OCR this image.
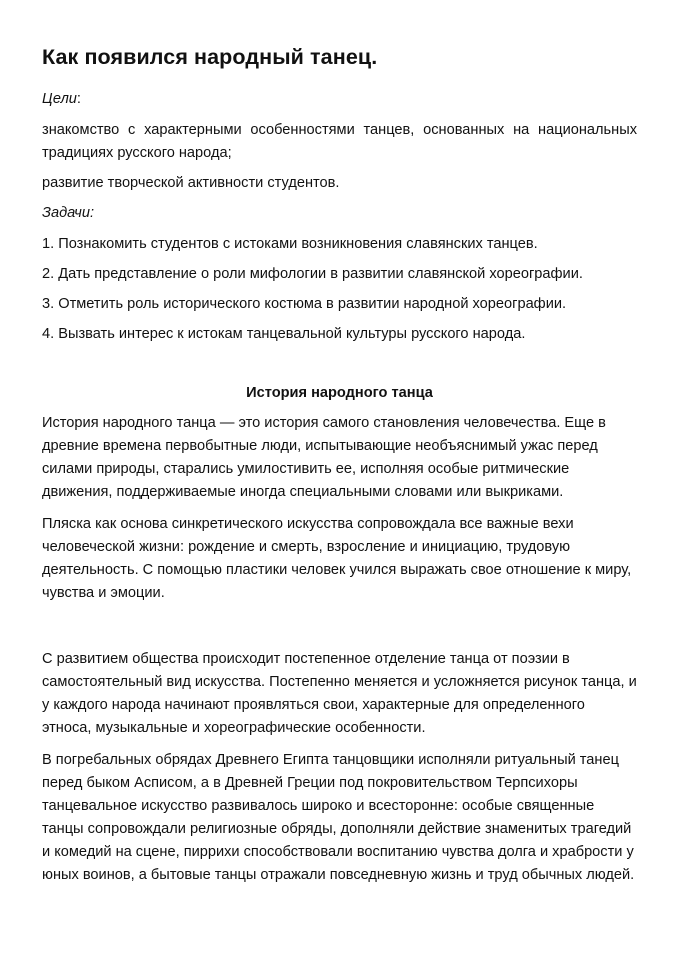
Как появился народный танец.
Цели:

знакомство с характерными особенностями танцев, основанных на национальных традициях русского народа;

развитие творческой активности студентов.

Задачи:

1. Познакомить студентов с истоками возникновения славянских танцев.

2. Дать представление о роли мифологии в развитии славянской хореографии.

3. Отметить роль исторического костюма в развитии народной хореографии.

4. Вызвать интерес к истокам танцевальной культуры русского народа.

История народного танца

История народного танца — это история самого становления человечества. Еще в древние времена первобытные люди, испытывающие необъяснимый ужас перед силами природы, старались умилостивить ее, исполняя особые ритмические движения, поддерживаемые иногда специальными словами или выкриками.

Пляска как основа синкретического искусства сопровождала все важные вехи человеческой жизни: рождение и смерть, взросление и инициацию, трудовую деятельность. С помощью пластики человек учился выражать свое отношение к миру, чувства и эмоции.

С развитием общества происходит постепенное отделение танца от поэзии в самостоятельный вид искусства. Постепенно меняется и усложняется рисунок танца, и у каждого народа начинают проявляться свои, характерные для определенного этноса, музыкальные и хореографические особенности.

В погребальных обрядах Древнего Египта танцовщики исполняли ритуальный танец перед быком Асписом, а в Древней Греции под покровительством Терпсихоры танцевальное искусство развивалось широко и всесторонне: особые священные танцы сопровождали религиозные обряды, дополняли действие знаменитых трагедий и комедий на сцене, пиррихи способствовали воспитанию чувства долга и храбрости у юных воинов, а бытовые танцы отражали повседневную жизнь и труд обычных людей.
